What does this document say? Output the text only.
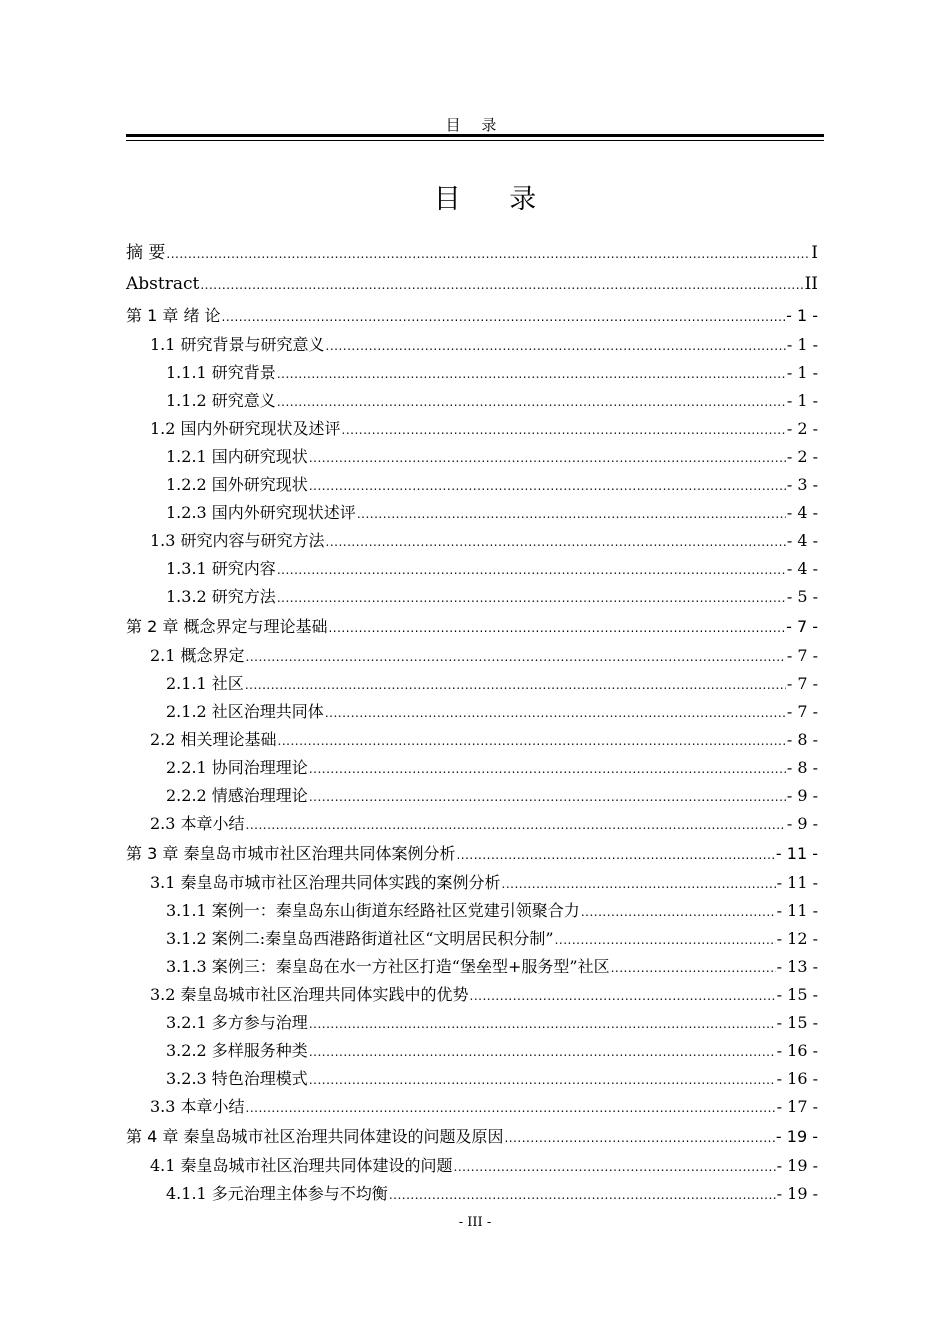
目 录
目 录
摘 要 .....	I
Abstract .....	II
第 1 章 绪 论 .....	- 1 -
1.1 研究背景与研究意义 .....	- 1 -
1.1.1 研究背景 .....	- 1 -
1.1.2 研究意义 .....	- 1 -
1.2 国内外研究现状及述评 .....	- 2 -
1.2.1 国内研究现状 .....	- 2 -
1.2.2 国外研究现状 .....	- 3 -
1.2.3 国内外研究现状述评 .....	- 4 -
1.3 研究内容与研究方法 .....	- 4 -
1.3.1 研究内容 .....	- 4 -
1.3.2 研究方法 .....	- 5 -
第 2 章 概念界定与理论基础 .....	- 7 -
2.1 概念界定 .....	- 7 -
2.1.1 社区 .....	- 7 -
2.1.2 社区治理共同体 .....	- 7 -
2.2 相关理论基础 .....	- 8 -
2.2.1 协同治理理论 .....	- 8 -
2.2.2 情感治理理论 .....	- 9 -
2.3 本章小结 .....	- 9 -
第 3 章 秦皇岛市城市社区治理共同体案例分析 .....	- 11 -
3.1 秦皇岛市城市社区治理共同体实践的案例分析 .....	- 11 -
3.1.1 案例一：秦皇岛东山街道东经路社区党建引领聚合力 .....	- 11 -
3.1.2 案例二:秦皇岛西港路街道社区“文明居民积分制” .....	- 12 -
3.1.3 案例三：秦皇岛在水一方社区打造“堡垒型+服务型”社区 .....	- 13 -
3.2 秦皇岛城市社区治理共同体实践中的优势 .....	- 15 -
3.2.1 多方参与治理 .....	- 15 -
3.2.2 多样服务种类 .....	- 16 -
3.2.3 特色治理模式 .....	- 16 -
3.3 本章小结 .....	- 17 -
第 4 章 秦皇岛城市社区治理共同体建设的问题及原因 .....	- 19 -
4.1 秦皇岛城市社区治理共同体建设的问题 .....	- 19 -
4.1.1 多元治理主体参与不均衡 .....	- 19 -
- III -
